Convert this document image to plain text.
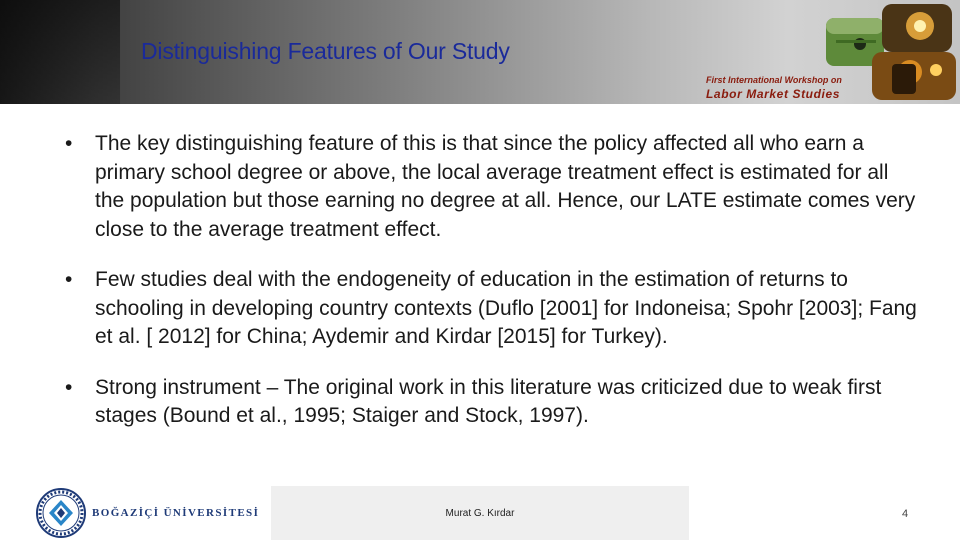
Distinguishing Features of Our Study
First International Workshop on
Labor Market Studies
• The key distinguishing feature of this is that since the policy affected all who earn a primary school degree or above, the local average treatment effect is estimated for all the population but those earning no degree at all. Hence, our LATE estimate comes very close to the average treatment effect.
• Few studies deal with the endogeneity of education in the estimation of returns to schooling in developing country contexts (Duflo [2001] for Indoneisa; Spohr [2003]; Fang et al. [ 2012] for China; Aydemir and Kirdar [2015] for Turkey).
• Strong instrument – The original work in this literature was criticized due to weak first stages (Bound et al., 1995; Staiger and Stock, 1997).
BOĞAZİÇİ ÜNİVERSİTESİ	Murat G. Kırdar	4
